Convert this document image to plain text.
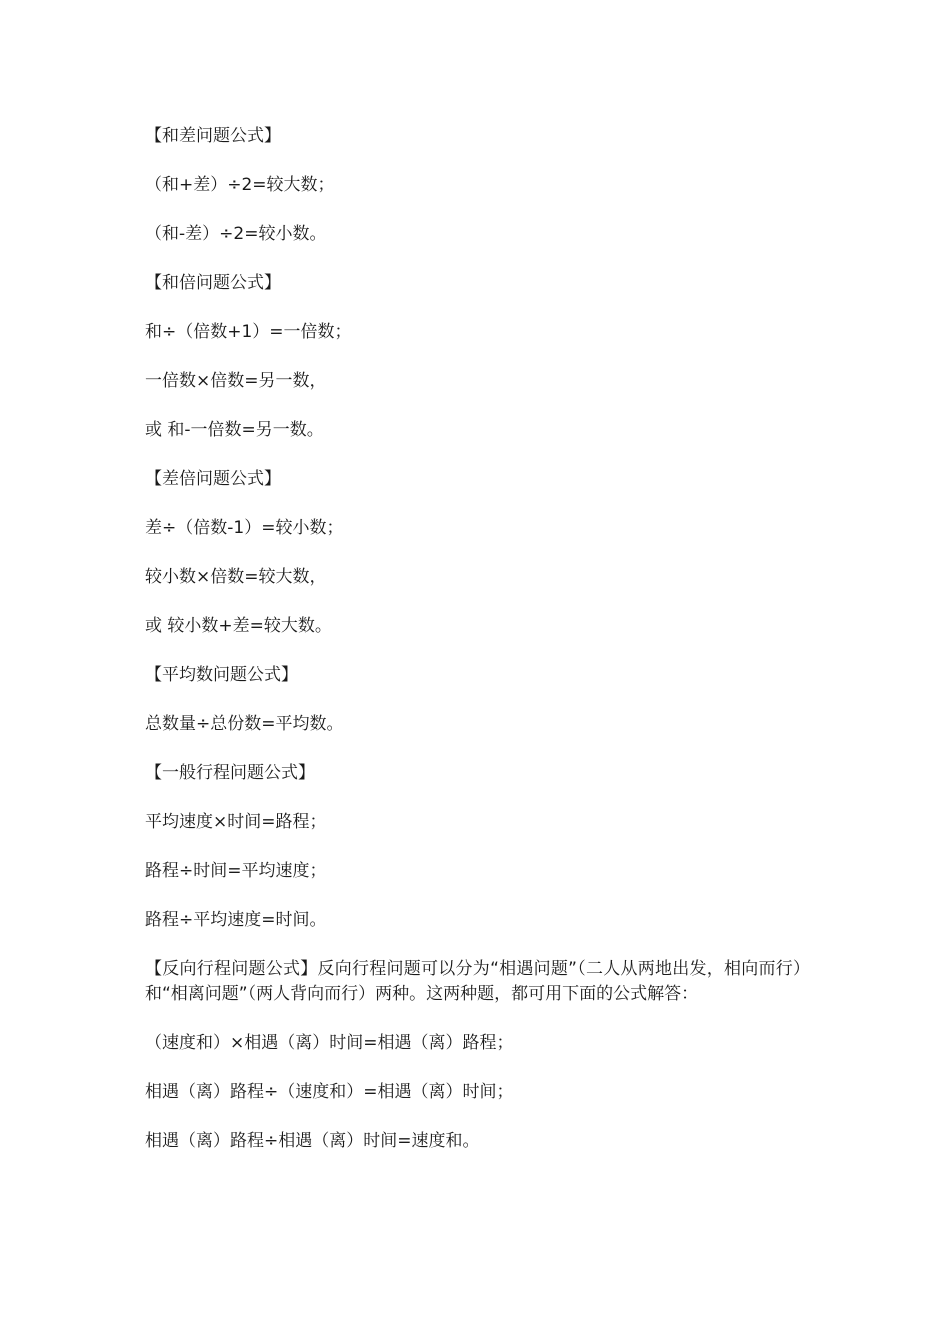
【和差问题公式】
（和+差）÷2=较大数；
（和-差）÷2=较小数。
【和倍问题公式】
和÷（倍数+1）=一倍数；
一倍数×倍数=另一数，
或 和-一倍数=另一数。
【差倍问题公式】
差÷（倍数-1）=较小数；
较小数×倍数=较大数，
或 较小数+差=较大数。
【平均数问题公式】
总数量÷总份数=平均数。
【一般行程问题公式】
平均速度×时间=路程；
路程÷时间=平均速度；
路程÷平均速度=时间。
【反向行程问题公式】反向行程问题可以分为“相遇问题”（二人从两地出发，相向而行）和“相离问题”（两人背向而行）两种。这两种题，都可用下面的公式解答：
（速度和）×相遇（离）时间=相遇（离）路程；
相遇（离）路程÷（速度和）=相遇（离）时间；
相遇（离）路程÷相遇（离）时间=速度和。
